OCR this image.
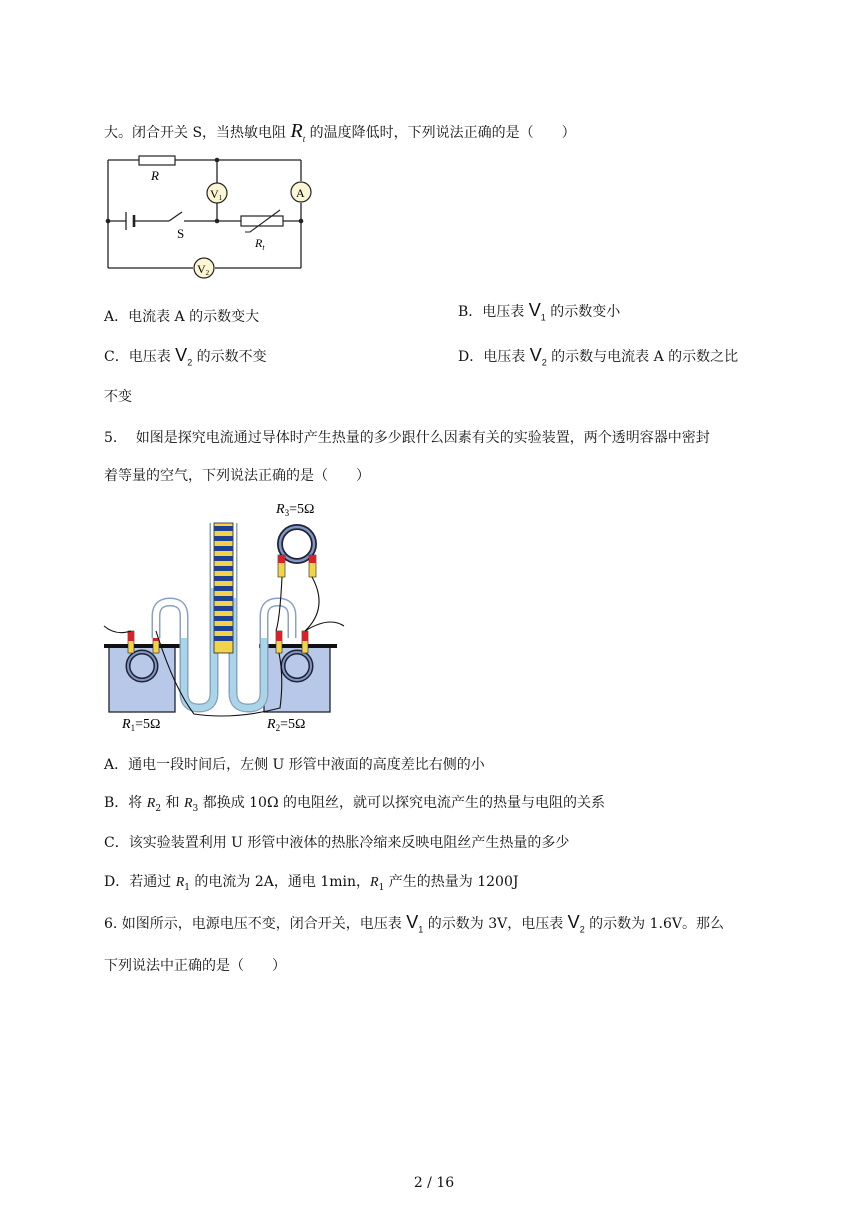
大。闭合开关 S，当热敏电阻 $R_t$ 的温度降低时，下列说法正确的是（　　）
R
$R_t$
S
V1	A
V2
A．电流表 A 的示数变大	B．电压表 $V_1$ 的示数变小
C．电压表 $V_2$ 的示数不变	D．电压表 $V_2$ 的示数与电流表 A 的示数之比
不变
5.　 如图是探究电流通过导体时产生热量的多少跟什么因素有关的实验装置，两个透明容器中密封
着等量的空气，下列说法正确的是（　　）
$R_3=5\Omega$
$R_1=5\Omega$	$R_2=5\Omega$
A．通电一段时间后，左侧 U 形管中液面的高度差比右侧的小
B．将 $R_2$ 和 $R_3$ 都换成 10Ω 的电阻丝，就可以探究电流产生的热量与电阻的关系
C．该实验装置利用 U 形管中液体的热胀冷缩来反映电阻丝产生热量的多少
D．若通过 $R_1$ 的电流为 2A，通电 1min，$R_1$ 产生的热量为 1200J
6. 如图所示，电源电压不变，闭合开关，电压表 $V_1$ 的示数为 3V，电压表 $V_2$ 的示数为 1.6V。那么
下列说法中正确的是（　　）
2 / 16
